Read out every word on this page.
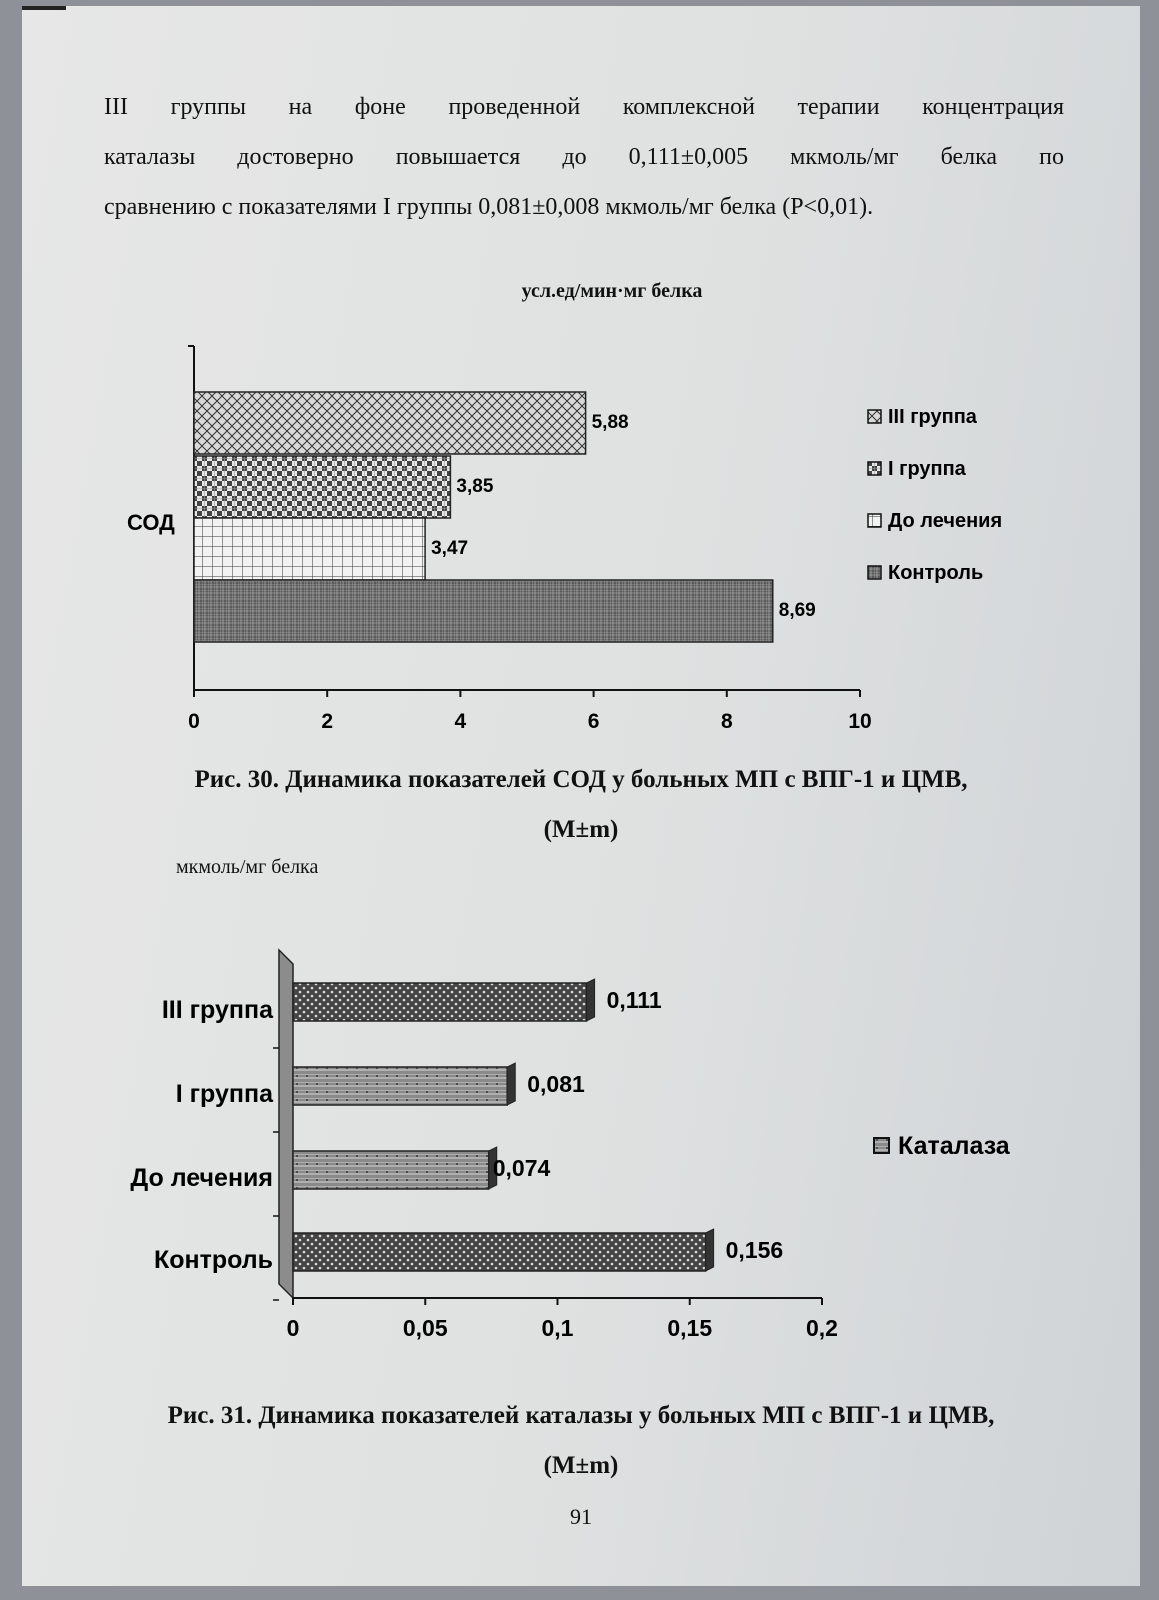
III группы на фоне проведенной комплексной терапии концентрация
каталазы достоверно повышается до 0,111±0,005 мкмоль/мг белка по
сравнению с показателями I группы 0,081±0,008 мкмоль/мг белка (P<0,01).
усл.ед/мин·мг белка
0	2	4	6	8	10
5,88
3,85
3,47
8,69
СОД
III группа
I группа
До лечения
Контроль
Рис. 30. Динамика показателей СОД у больных МП с ВПГ-1 и ЦМВ,
(M±m)
мкмоль/мг белка
0	0,05	0,1	0,15	0,2
III группа	0,111
I группа	0,081
До лечения	0,074
Контроль	0,156
Каталаза
Рис. 31. Динамика показателей каталазы у больных МП с ВПГ-1 и ЦМВ,
(M±m)
91
